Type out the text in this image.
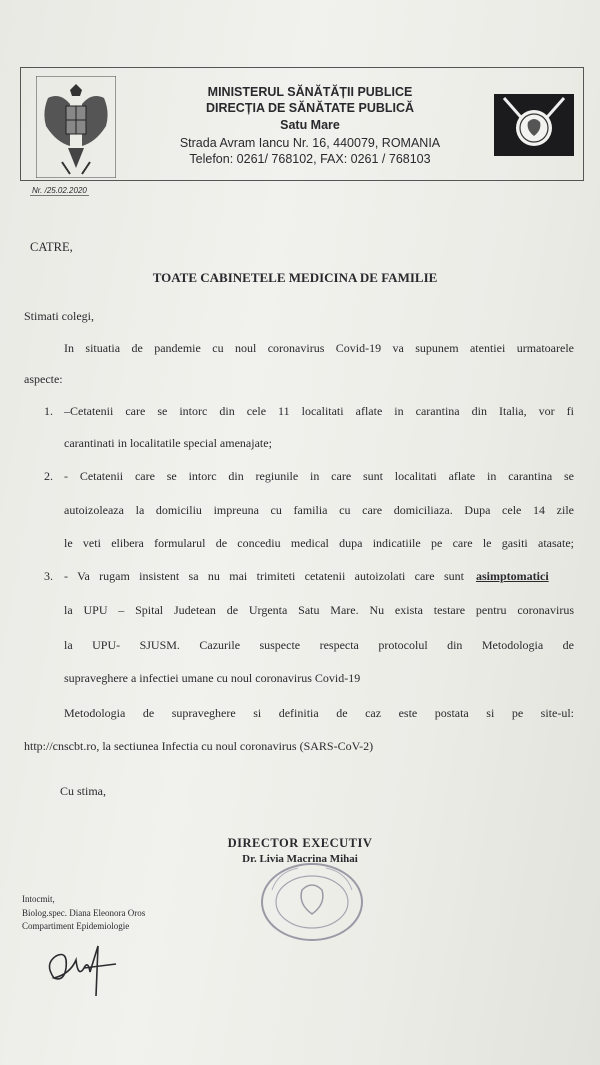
MINISTERUL SĂNĂTĂȚII PUBLICE
DIRECȚIA DE SĂNĂTATE PUBLICĂ
Satu Mare
Strada Avram Iancu Nr. 16, 440079, ROMANIA
Telefon: 0261/ 768102, FAX: 0261 / 768103
Nr. /25.02.2020
CATRE,
TOATE CABINETELE MEDICINA DE FAMILIE
Stimati colegi,
In situatia de pandemie cu noul coronavirus Covid-19 va supunem atentiei urmatoarele
aspecte:
1. –Cetatenii care se intorc din cele 11 localitati aflate in carantina din Italia, vor fi
carantinati in localitatile special amenajate;
2. - Cetatenii care se intorc din regiunile in care sunt localitati aflate in carantina se
autoizoleaza la domiciliu impreuna cu familia cu care domiciliaza. Dupa cele 14 zile
le veti elibera formularul de concediu medical dupa indicatiile pe care le gasiti atasate;
3. - Va rugam insistent sa nu mai trimiteti cetatenii autoizolati care sunt asimptomatici
la UPU – Spital Judetean de Urgenta Satu Mare. Nu exista testare pentru coronavirus
la UPU- SJUSM. Cazurile suspecte respecta protocolul din Metodologia de
supraveghere a infectiei umane cu noul coronavirus Covid-19
Metodologia de supraveghere si definitia de caz este postata si pe site-ul:
http://cnscbt.ro, la sectiunea Infectia cu noul coronavirus (SARS-CoV-2)
Cu stima,
DIRECTOR EXECUTIV
Dr. Livia Macrina Mihai
Intocmit,
Biolog.spec. Diana Eleonora Oros
Compartiment Epidemiologie
